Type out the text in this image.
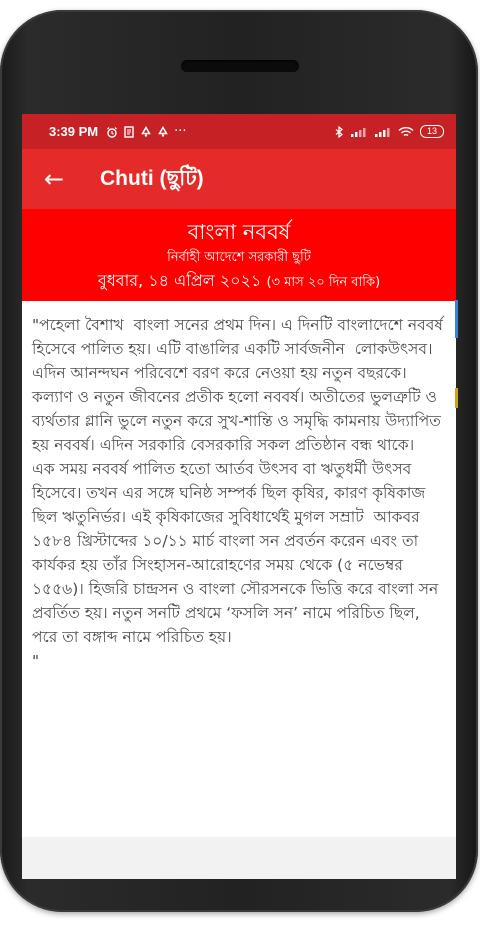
3:39 PM	···	13
←	Chuti (ছুটি)
বাংলা নববর্ষ
নির্বাহী আদেশে সরকারী ছুটি
বুধবার, ১৪ এপ্রিল ২০২১ (৩ মাস ২০ দিন বাকি)
"পহেলা বৈশাখ  বাংলা সনের প্রথম দিন। এ দিনটি বাংলাদেশে নববর্ষ হিসেবে পালিত হয়। এটি বাঙালির একটি সার্বজনীন  লোকউৎসব। এদিন আনন্দঘন পরিবেশে বরণ করে নেওয়া হয় নতুন বছরকে। কল্যাণ ও নতুন জীবনের প্রতীক হলো নববর্ষ। অতীতের ভুলত্রুটি ও ব্যর্থতার গ্লানি ভুলে নতুন করে সুখ-শান্তি ও সমৃদ্ধি কামনায় উদ্যাপিত হয় নববর্ষ। এদিন সরকারি বেসরকারি সকল প্রতিষ্ঠান বন্ধ থাকে।
এক সময় নববর্ষ পালিত হতো আর্তব উৎসব বা ঋতুধর্মী উৎসব হিসেবে। তখন এর সঙ্গে ঘনিষ্ঠ সম্পর্ক ছিল কৃষির, কারণ কৃষিকাজ ছিল ঋতুনির্ভর। এই কৃষিকাজের সুবিধার্থেই মুগল সম্রাট  আকবর ১৫৮৪ খ্রিস্টাব্দের ১০/১১ মার্চ বাংলা সন প্রবর্তন করেন এবং তা কার্যকর হয় তাঁর সিংহাসন-আরোহণের সময় থেকে (৫ নভেম্বর ১৫৫৬)। হিজরি চান্দ্রসন ও বাংলা সৌরসনকে ভিত্তি করে বাংলা সন প্রবর্তিত হয়। নতুন সনটি প্রথমে ‘ফসলি সন’ নামে পরিচিত ছিল, পরে তা বঙ্গাব্দ নামে পরিচিত হয়।
"
